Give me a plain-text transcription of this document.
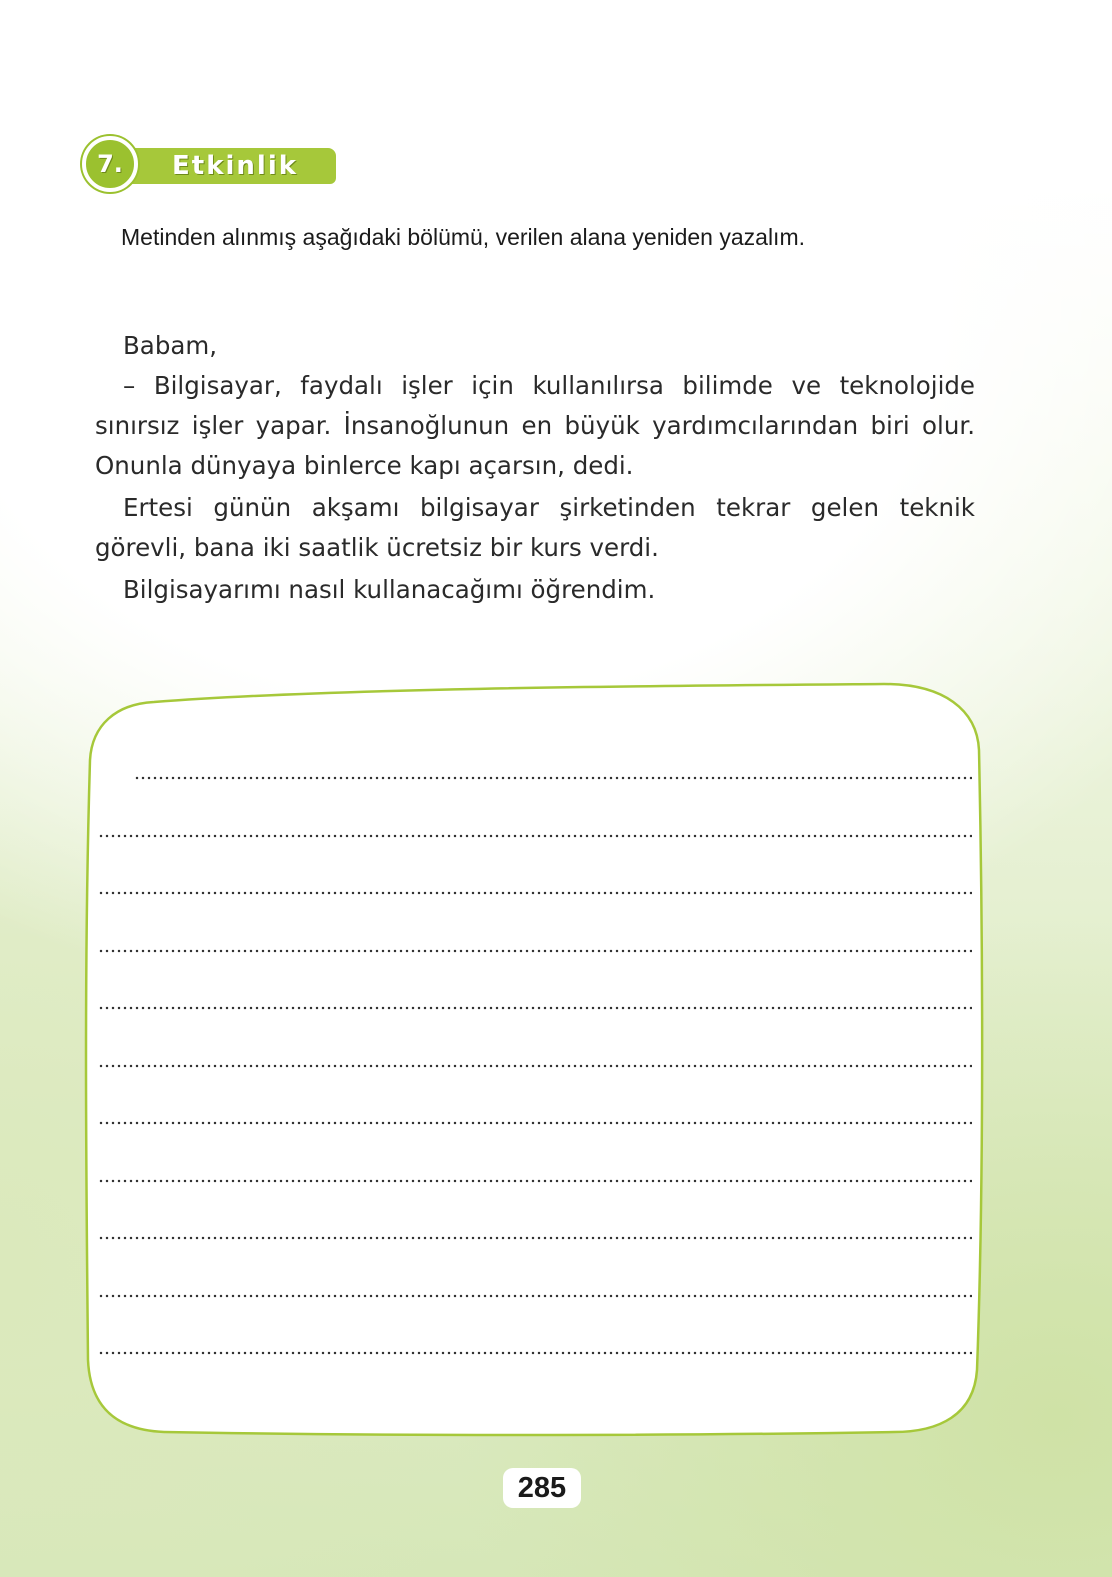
Etkinlik
7.
Metinden alınmış aşağıdaki bölümü, verilen alana yeniden yazalım.

Babam,

– Bilgisayar, faydalı işler için kullanılırsa bilimde ve teknolojide sınırsız işler yapar. İnsanoğlunun en büyük yardımcılarından biri olur. Onunla dünyaya binlerce kapı açarsın, dedi.

Ertesi günün akşamı bilgisayar şirketinden tekrar gelen teknik görevli, bana iki saatlik ücretsiz bir kurs verdi.

Bilgisayarımı nasıl kullanacağımı öğrendim.

285
